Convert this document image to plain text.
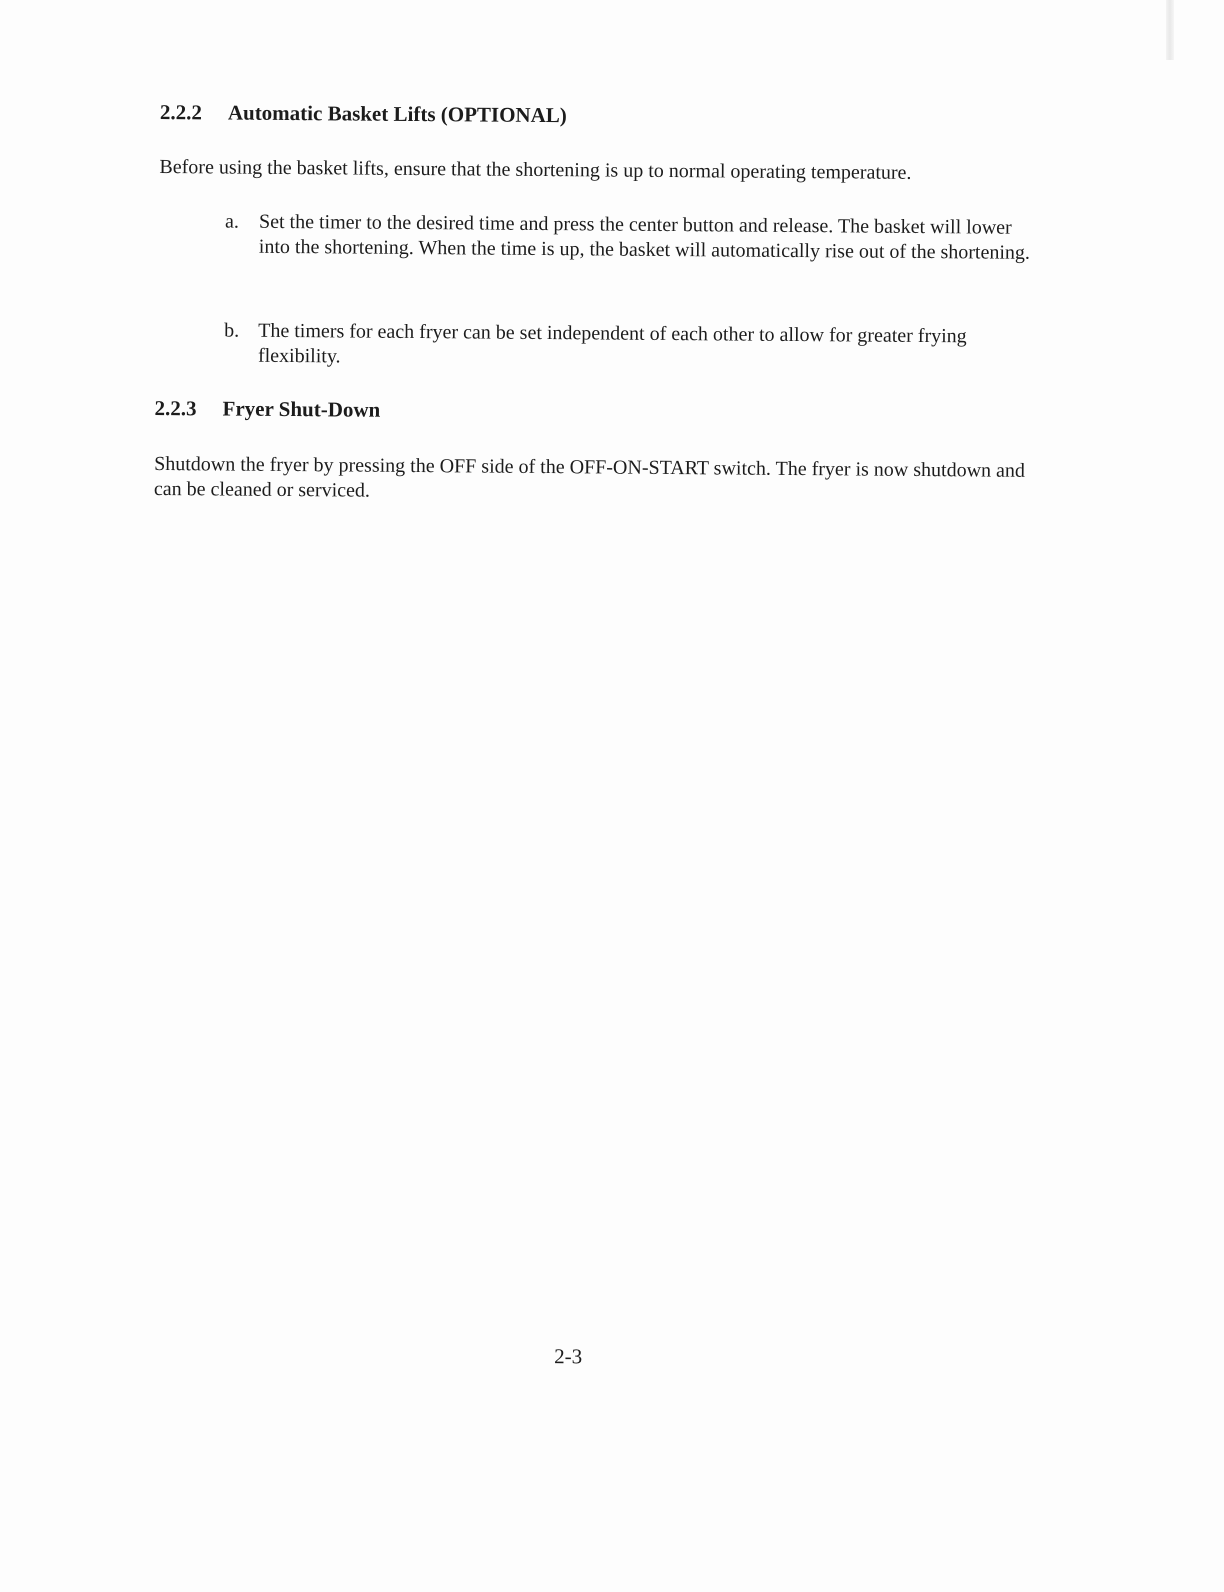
2.2.2 Automatic Basket Lifts (OPTIONAL)
Before using the basket lifts, ensure that the shortening is up to normal operating temperature.
a. Set the timer to the desired time and press the center button and release. The basket will lower into the shortening. When the time is up, the basket will automatically rise out of the shortening.
b. The timers for each fryer can be set independent of each other to allow for greater frying flexibility.
2.2.3 Fryer Shut-Down
Shutdown the fryer by pressing the OFF side of the OFF-ON-START switch. The fryer is now shutdown and can be cleaned or serviced.
2-3
